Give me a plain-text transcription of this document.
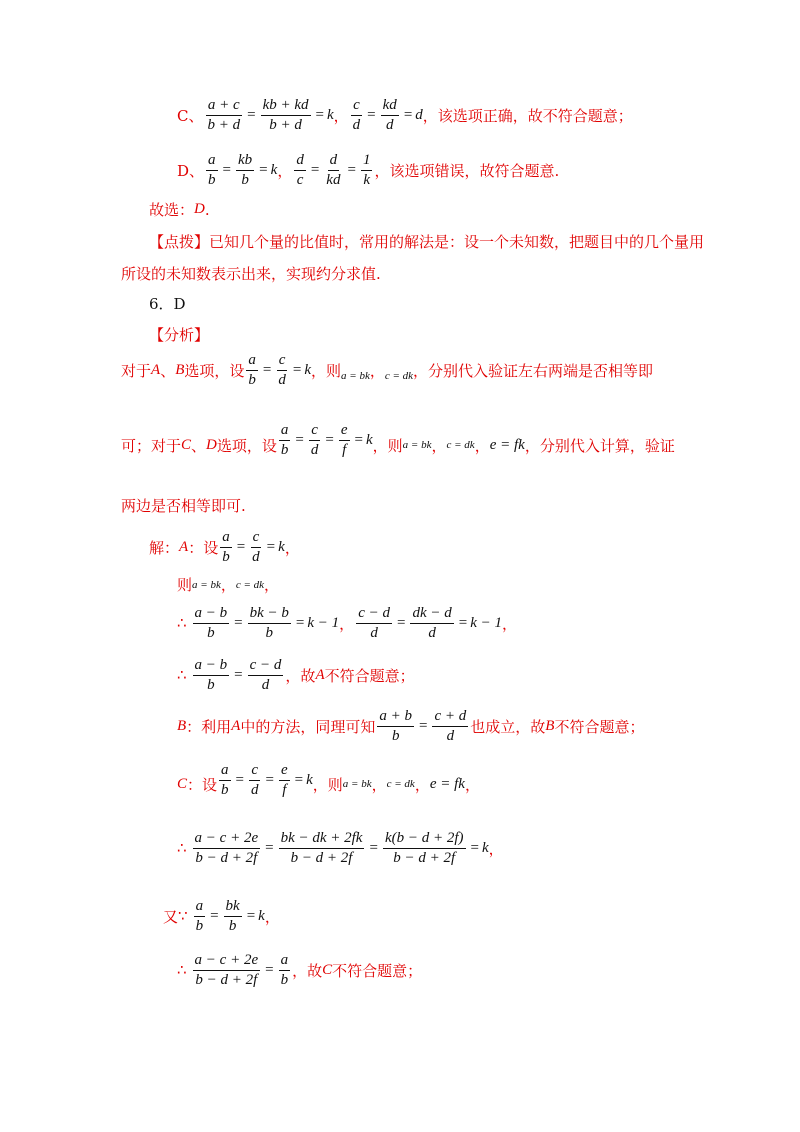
C、 $\frac{a + c}{b + d} = \frac{kb + kd}{b + d} = k$ ， $\frac{c}{d} = \frac{kd}{d} = d$ ，该选项正确，故不符合题意；
D、 $\frac{a}{b} = \frac{kb}{b} = k$ ， $\frac{d}{c} = \frac{d}{kd} = \frac{1}{k}$ ，该选项错误，故符合题意.
故选： D .
【点拨】 已知几个量的比值时，常用的解法是：设一个未知数，把题目中的几个量用
所设的未知数表示出来，实现约分求值.
6．D
【分析】
对于 A 、 B 选项，设 $\frac{a}{b} = \frac{c}{d} = k$ ，则 a = bk ， c = dk ，分别代入验证左右两端是否相等即
可；对于 C 、 D 选项，设 $\frac{a}{b} = \frac{c}{d} = \frac{e}{f} = k$ ，则 a = bk ， c = dk ， e = fk ，分别代入计算，验证
两边是否相等即可.
解： A ：设 $\frac{a}{b} = \frac{c}{d} = k$ ，
则 a = bk ， c = dk ，
∴ $\frac{a - b}{b} = \frac{bk - b}{b} = k - 1$ ， $\frac{c - d}{d} = \frac{dk - d}{d} = k - 1$ ，
∴ $\frac{a - b}{b} = \frac{c - d}{d}$ ，故 A 不符合题意；
B ：利用 A 中的方法，同理可知 $\frac{a + b}{b} = \frac{c + d}{d}$ 也成立，故 B 不符合题意；
C ：设 $\frac{a}{b} = \frac{c}{d} = \frac{e}{f} = k$ ，则 a = bk ， c = dk ， e = fk ，
∴ $\frac{a - c + 2e}{b - d + 2f} = \frac{bk - dk + 2fk}{b - d + 2f} = \frac{k(b - d + 2f)}{b - d + 2f} = k$ ，
又 ∵ $\frac{a}{b} = \frac{bk}{b} = k$ ，
∴ $\frac{a - c + 2e}{b - d + 2f} = \frac{a}{b}$ ，故 C 不符合题意；
